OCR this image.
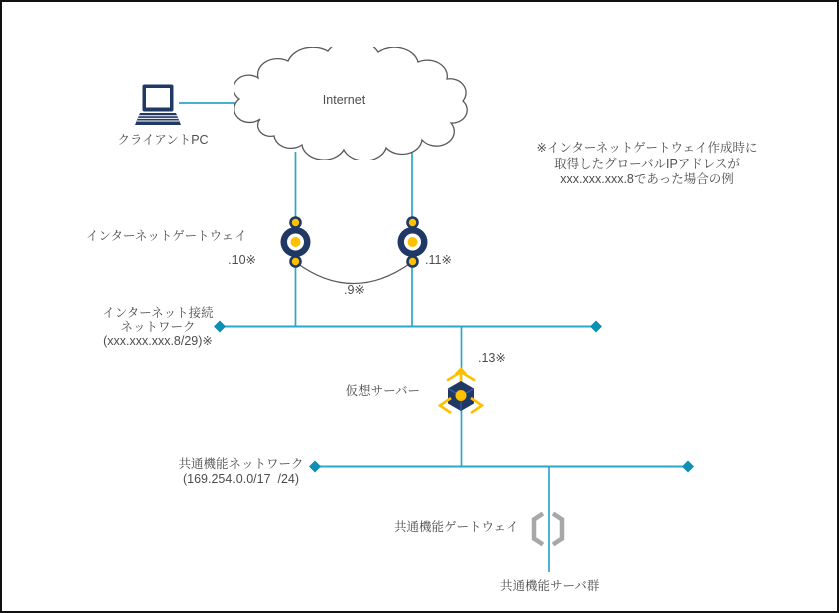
Internet
クライアントPC
※インターネットゲートウェイ作成時に
取得したグローバルIPアドレスが
xxx.xxx.xxx.8であった場合の例
インターネットゲートウェイ
.10※	.11※
.9※
インターネット接続
ネットワーク
(xxx.xxx.xxx.8/29)※
.13※
仮想サーバー
共通機能ネットワーク
(169.254.0.0/17  /24)
共通機能ゲートウェイ
共通機能サーバ群
